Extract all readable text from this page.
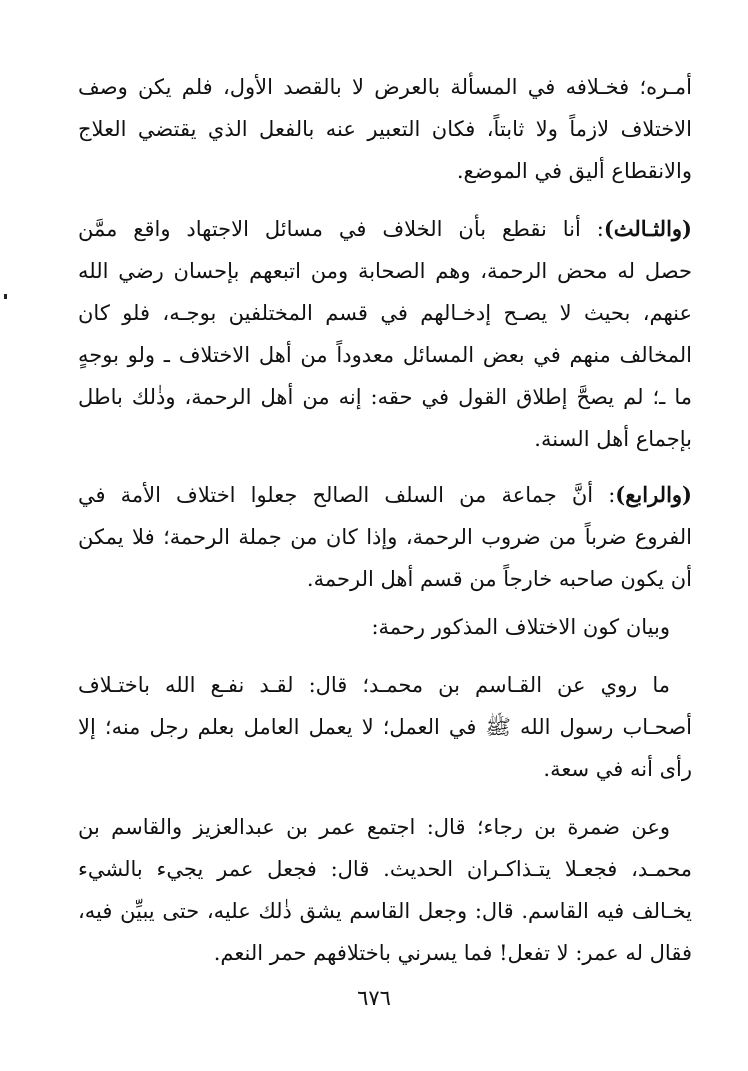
أمـره؛ فخـلافه في المسألة بالعرض لا بالقصد الأول، فلم يكن وصف
الاختلاف لازماً ولا ثابتاً، فكان التعبير عنه بالفعل الذي يقتضي العلاج
والانقطاع أليق في الموضع.
(والثـالث): أنا نقطع بأن الخلاف في مسائل الاجتهاد واقع ممَّن
حصل له محض الرحمة، وهم الصحابة ومن اتبعهم بإحسان رضي الله
عنهم، بحيث لا يصـح إدخـالهم في قسم المختلفين بوجـه، فلو كان
المخالف منهم في بعض المسائل معدوداً من أهل الاختلاف ـ ولو بوجهٍ
ما ـ؛ لم يصحَّ إطلاق القول في حقه: إنه من أهل الرحمة، وذٰلك باطل
بإجماع أهل السنة.
(والرابع): أنَّ جماعة من السلف الصالح جعلوا اختلاف الأمة في
الفروع ضرباً من ضروب الرحمة، وإذا كان من جملة الرحمة؛ فلا يمكن
أن يكون صاحبه خارجاً من قسم أهل الرحمة.
وبيان كون الاختلاف المذكور رحمة:
ما روي عن القـاسم بن محمـد؛ قال: لقـد نفـع الله باختـلاف
أصحـاب رسول الله ﷺ في العمل؛ لا يعمل العامل بعلم رجل منه؛ إلا
رأى أنه في سعة.
وعن ضمرة بن رجاء؛ قال: اجتمع عمر بن عبدالعزيز والقاسم بن
محمـد، فجعـلا يتـذاكـران الحديث. قال: فجعل عمر يجيء بالشيء
يخـالف فيه القاسم. قال: وجعل القاسم يشق ذٰلك عليه، حتى يبيِّن فيه،
فقال له عمر: لا تفعل! فما يسرني باختلافهم حمر النعم.
٦٧٦
